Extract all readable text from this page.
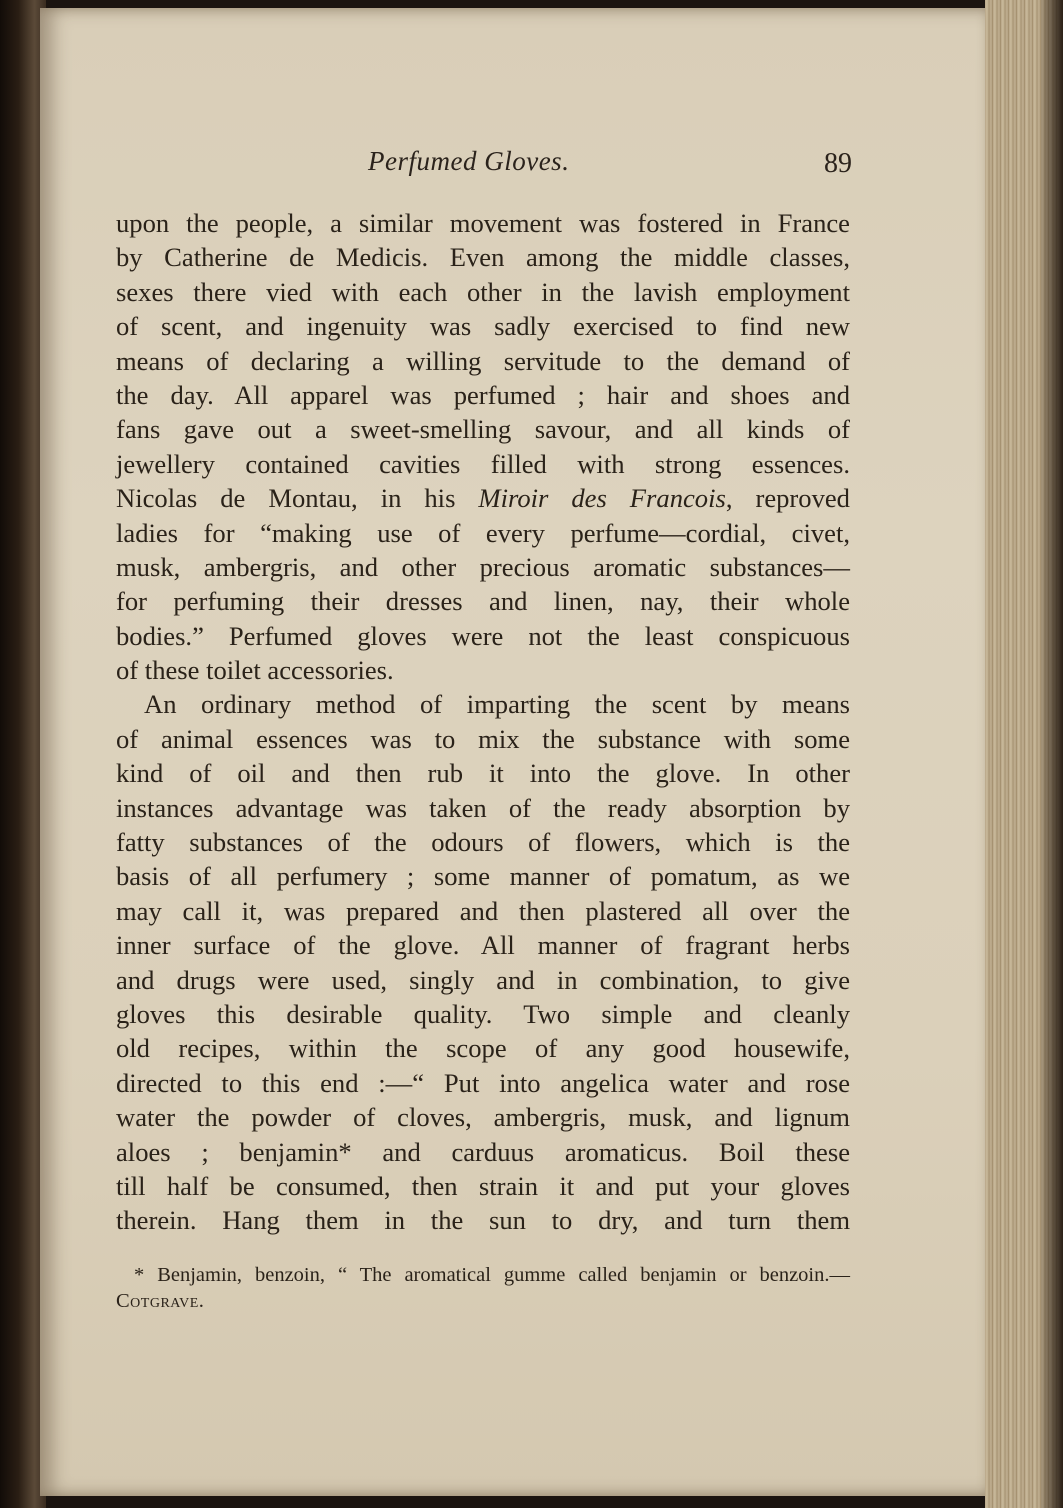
Perfumed Gloves.	89
upon the people, a similar movement was fostered in France
by Catherine de Medicis. Even among the middle classes,
sexes there vied with each other in the lavish employment
of scent, and ingenuity was sadly exercised to find new
means of declaring a willing servitude to the demand of
the day. All apparel was perfumed ; hair and shoes and
fans gave out a sweet-smelling savour, and all kinds of
jewellery contained cavities filled with strong essences.
Nicolas de Montau, in his Miroir des Francois, reproved
ladies for “making use of every perfume—cordial, civet,
musk, ambergris, and other precious aromatic substances—
for perfuming their dresses and linen, nay, their whole
bodies.” Perfumed gloves were not the least conspicuous
of these toilet accessories.
An ordinary method of imparting the scent by means
of animal essences was to mix the substance with some
kind of oil and then rub it into the glove. In other
instances advantage was taken of the ready absorption by
fatty substances of the odours of flowers, which is the
basis of all perfumery ; some manner of pomatum, as we
may call it, was prepared and then plastered all over the
inner surface of the glove. All manner of fragrant herbs
and drugs were used, singly and in combination, to give
gloves this desirable quality. Two simple and cleanly
old recipes, within the scope of any good housewife,
directed to this end :—“ Put into angelica water and rose
water the powder of cloves, ambergris, musk, and lignum
aloes ; benjamin* and carduus aromaticus. Boil these
till half be consumed, then strain it and put your gloves
therein. Hang them in the sun to dry, and turn them
* Benjamin, benzoin, “ The aromatical gumme called benjamin or benzoin.—
Cotgrave.
